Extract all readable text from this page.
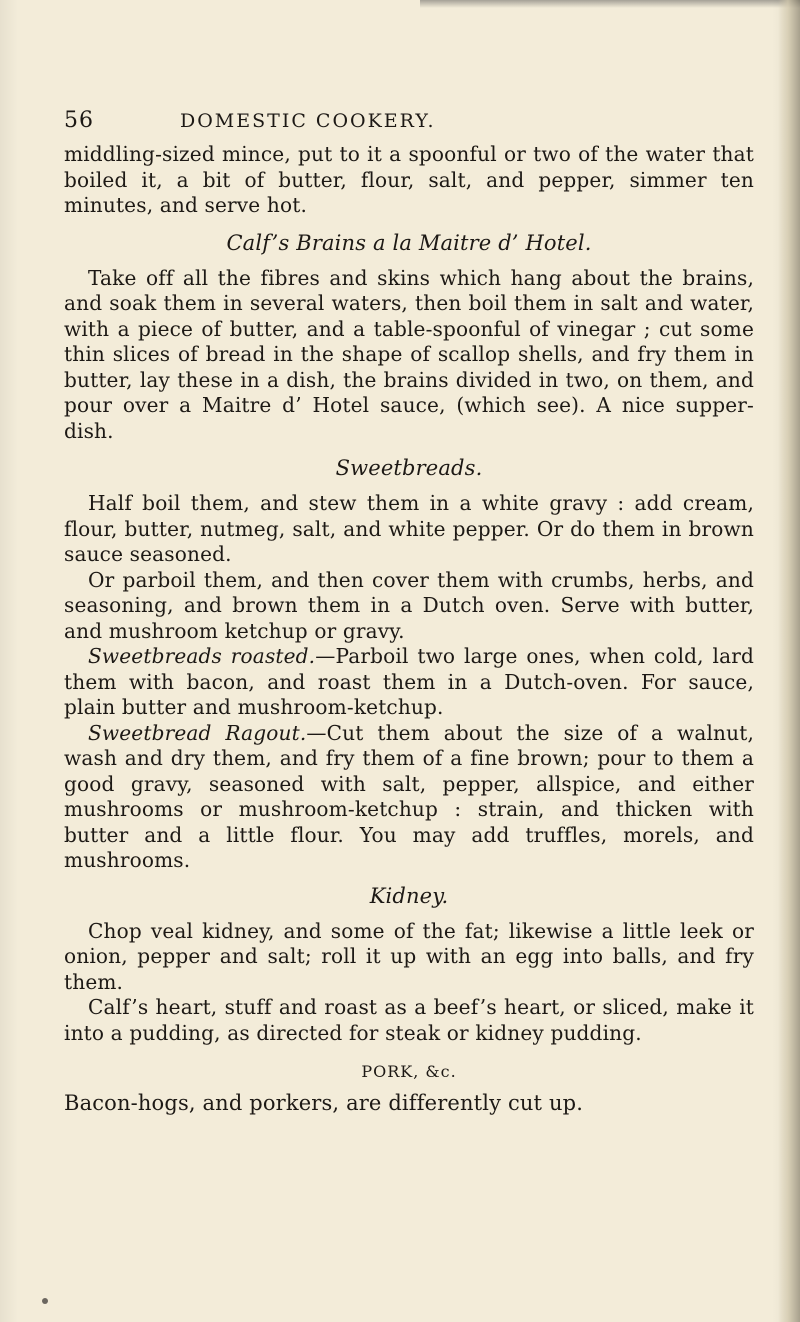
56	DOMESTIC COOKERY.

middling-sized mince, put to it a spoonful or two of the water that boiled it, a bit of butter, flour, salt, and pepper, simmer ten minutes, and serve hot.

Calf’s Brains a la Maitre d’ Hotel.

Take off all the fibres and skins which hang about the brains, and soak them in several waters, then boil them in salt and water, with a piece of butter, and a table-spoonful of vinegar ; cut some thin slices of bread in the shape of scallop shells, and fry them in butter, lay these in a dish, the brains divided in two, on them, and pour over a Maitre d’ Hotel sauce, (which see). A nice supper-dish.

Sweetbreads.

Half boil them, and stew them in a white gravy : add cream, flour, butter, nutmeg, salt, and white pepper. Or do them in brown sauce seasoned.

Or parboil them, and then cover them with crumbs, herbs, and seasoning, and brown them in a Dutch oven. Serve with butter, and mushroom ketchup or gravy.

Sweetbreads roasted.—Parboil two large ones, when cold, lard them with bacon, and roast them in a Dutch-oven. For sauce, plain butter and mushroom-ketchup.

Sweetbread Ragout.—Cut them about the size of a walnut, wash and dry them, and fry them of a fine brown; pour to them a good gravy, seasoned with salt, pepper, allspice, and either mushrooms or mushroom-ketchup : strain, and thicken with butter and a little flour. You may add truffles, morels, and mushrooms.

Kidney.

Chop veal kidney, and some of the fat; likewise a little leek or onion, pepper and salt; roll it up with an egg into balls, and fry them.

Calf’s heart, stuff and roast as a beef’s heart, or sliced, make it into a pudding, as directed for steak or kidney pudding.

PORK, &c.

Bacon-hogs, and porkers, are differently cut up.
